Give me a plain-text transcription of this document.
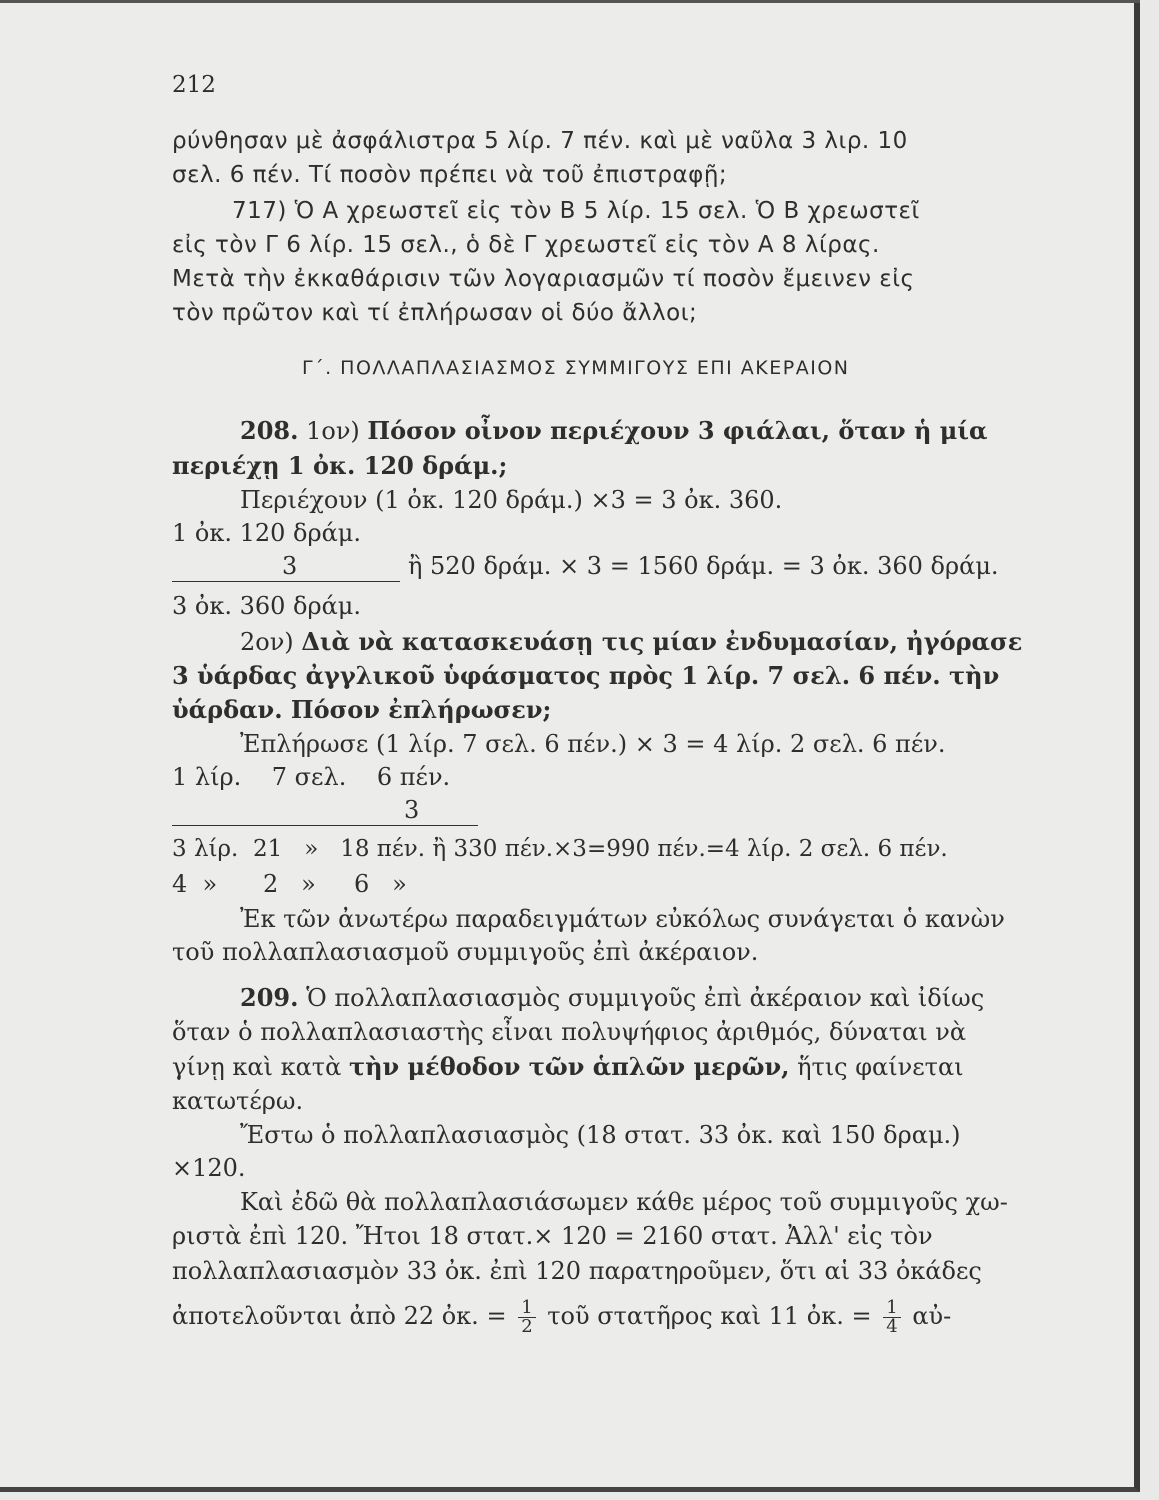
212
ρύνθησαν μὲ ἀσφάλιστρα 5 λίρ. 7 πέν. καὶ μὲ ναῦλα 3 λιρ. 10
σελ. 6 πέν. Τί ποσὸν πρέπει νὰ τοῦ ἐπιστραφῇ;
717) Ὁ Α χρεωστεῖ εἰς τὸν Β 5 λίρ. 15 σελ. Ὁ Β χρεωστεῖ
εἰς τὸν Γ 6 λίρ. 15 σελ., ὁ δὲ Γ χρεωστεῖ εἰς τὸν Α 8 λίρας.
Μετὰ τὴν ἐκκαθάρισιν τῶν λογαριασμῶν τί ποσὸν ἔμεινεν εἰς
τὸν πρῶτον καὶ τί ἐπλήρωσαν οἱ δύο ἄλλοι;
Γ΄. ΠΟΛΛΑΠΛΑΣΙΑΣΜΟΣ ΣΥΜΜΙΓΟΥΣ ΕΠΙ ΑΚΕΡΑΙΟΝ
208. 1ον) Πόσον οἶνον περιέχουν 3 φιάλαι, ὅταν ἡ μία
περιέχῃ 1 ὀκ. 120 δράμ.;
Περιέχουν (1 ὀκ. 120 δράμ.) ×3 = 3 ὀκ. 360.
1 ὀκ. 120 δράμ.
3	ἢ 520 δράμ. × 3 = 1560 δράμ. = 3 ὀκ. 360 δράμ.
3 ὀκ. 360 δράμ.
2ον) Διὰ νὰ κατασκευάσῃ τις μίαν ἐνδυμασίαν, ἠγόρασε
3 ὑάρδας ἀγγλικοῦ ὑφάσματος πρὸς 1 λίρ. 7 σελ. 6 πέν. τὴν
ὑάρδαν. Πόσον ἐπλήρωσεν;
Ἐπλήρωσε (1 λίρ. 7 σελ. 6 πέν.) × 3 = 4 λίρ. 2 σελ. 6 πέν.
1 λίρ.    7 σελ.    6 πέν.
3
3 λίρ.  21   »   18 πέν. ἢ 330 πέν.×3=990 πέν.=4 λίρ. 2 σελ. 6 πέν.
4  »      2   »     6   »
Ἐκ τῶν ἀνωτέρω παραδειγμάτων εὐκόλως συνάγεται ὁ κανὼν
τοῦ πολλαπλασιασμοῦ συμμιγοῦς ἐπὶ ἀκέραιον.
209. Ὁ πολλαπλασιασμὸς συμμιγοῦς ἐπὶ ἀκέραιον καὶ ἰδίως
ὅταν ὁ πολλαπλασιαστὴς εἶναι πολυψήφιος ἀριθμός, δύναται νὰ
γίνῃ καὶ κατὰ τὴν μέθοδον τῶν ἁπλῶν μερῶν, ἥτις φαίνεται
κατωτέρω.
Ἔστω ὁ πολλαπλασιασμὸς (18 στατ. 33 ὀκ. καὶ 150 δραμ.)
×120.
Καὶ ἐδῶ θὰ πολλαπλασιάσωμεν κάθε μέρος τοῦ συμμιγοῦς χω-
ριστὰ ἐπὶ 120. Ἤτοι 18 στατ.× 120 = 2160 στατ. Ἀλλ' εἰς τὸν
πολλαπλασιασμὸν 33 ὀκ. ἐπὶ 120 παρατηροῦμεν, ὅτι αἱ 33 ὀκάδες
ἀποτελοῦνται ἀπὸ 22 ὀκ. = $\frac{1}{2}$ τοῦ στατῆρος καὶ 11 ὀκ. = $\frac{1}{4}$ αὐ-
